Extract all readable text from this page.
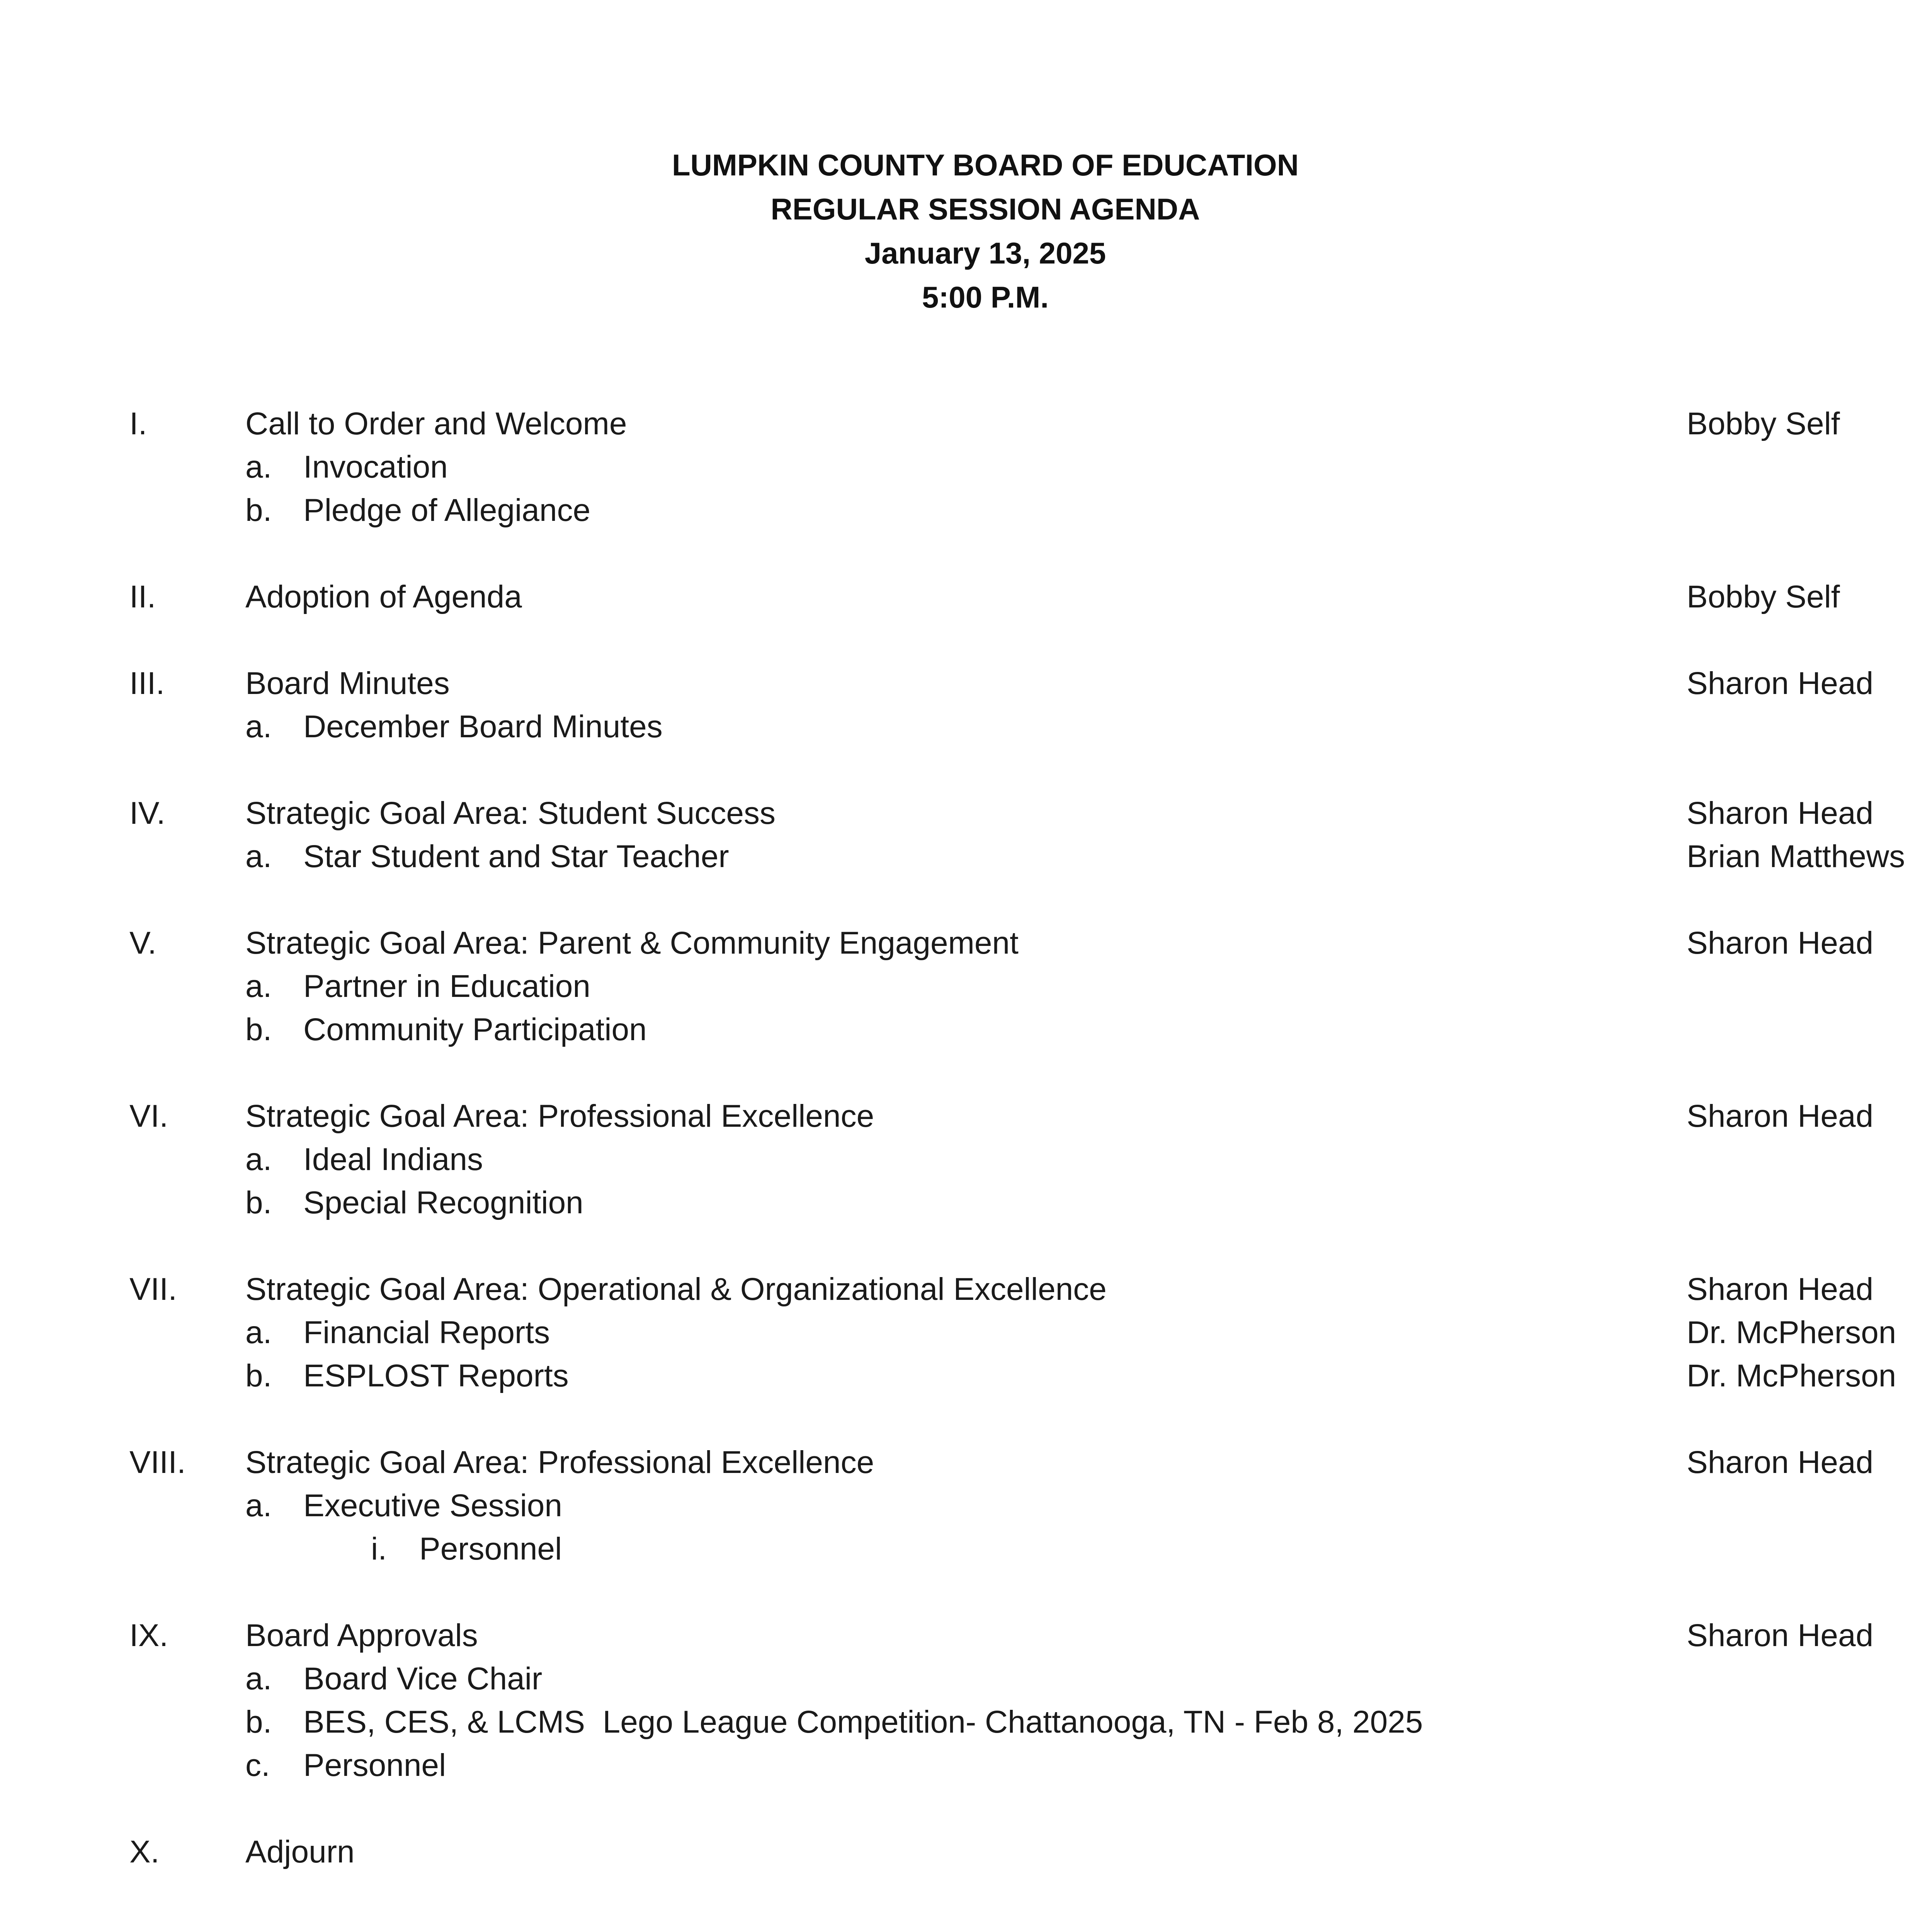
LUMPKIN COUNTY BOARD OF EDUCATION
REGULAR SESSION AGENDA
January 13, 2025
5:00 P.M.
I.	Call to Order and Welcome	Bobby Self
a. Invocation
b. Pledge of Allegiance
II.	Adoption of Agenda	Bobby Self
III.	Board Minutes	Sharon Head
a. December Board Minutes
IV.	Strategic Goal Area: Student Success	Sharon Head
a. Star Student and Star Teacher	Brian Matthews
V.	Strategic Goal Area: Parent & Community Engagement	Sharon Head
a. Partner in Education
b. Community Participation
VI. Strategic Goal Area: Professional Excellence	Sharon Head
a. Ideal Indians
b. Special Recognition
VII. Strategic Goal Area: Operational & Organizational Excellence	Sharon Head
a. Financial Reports	Dr. McPherson
b. ESPLOST Reports	Dr. McPherson
VIII. Strategic Goal Area: Professional Excellence	Sharon Head
a. Executive Session
i. Personnel
IX. Board Approvals	Sharon Head
a. Board Vice Chair
b. BES, CES, & LCMS  Lego League Competition- Chattanooga, TN - Feb 8, 2025
c. Personnel
X.	Adjourn
